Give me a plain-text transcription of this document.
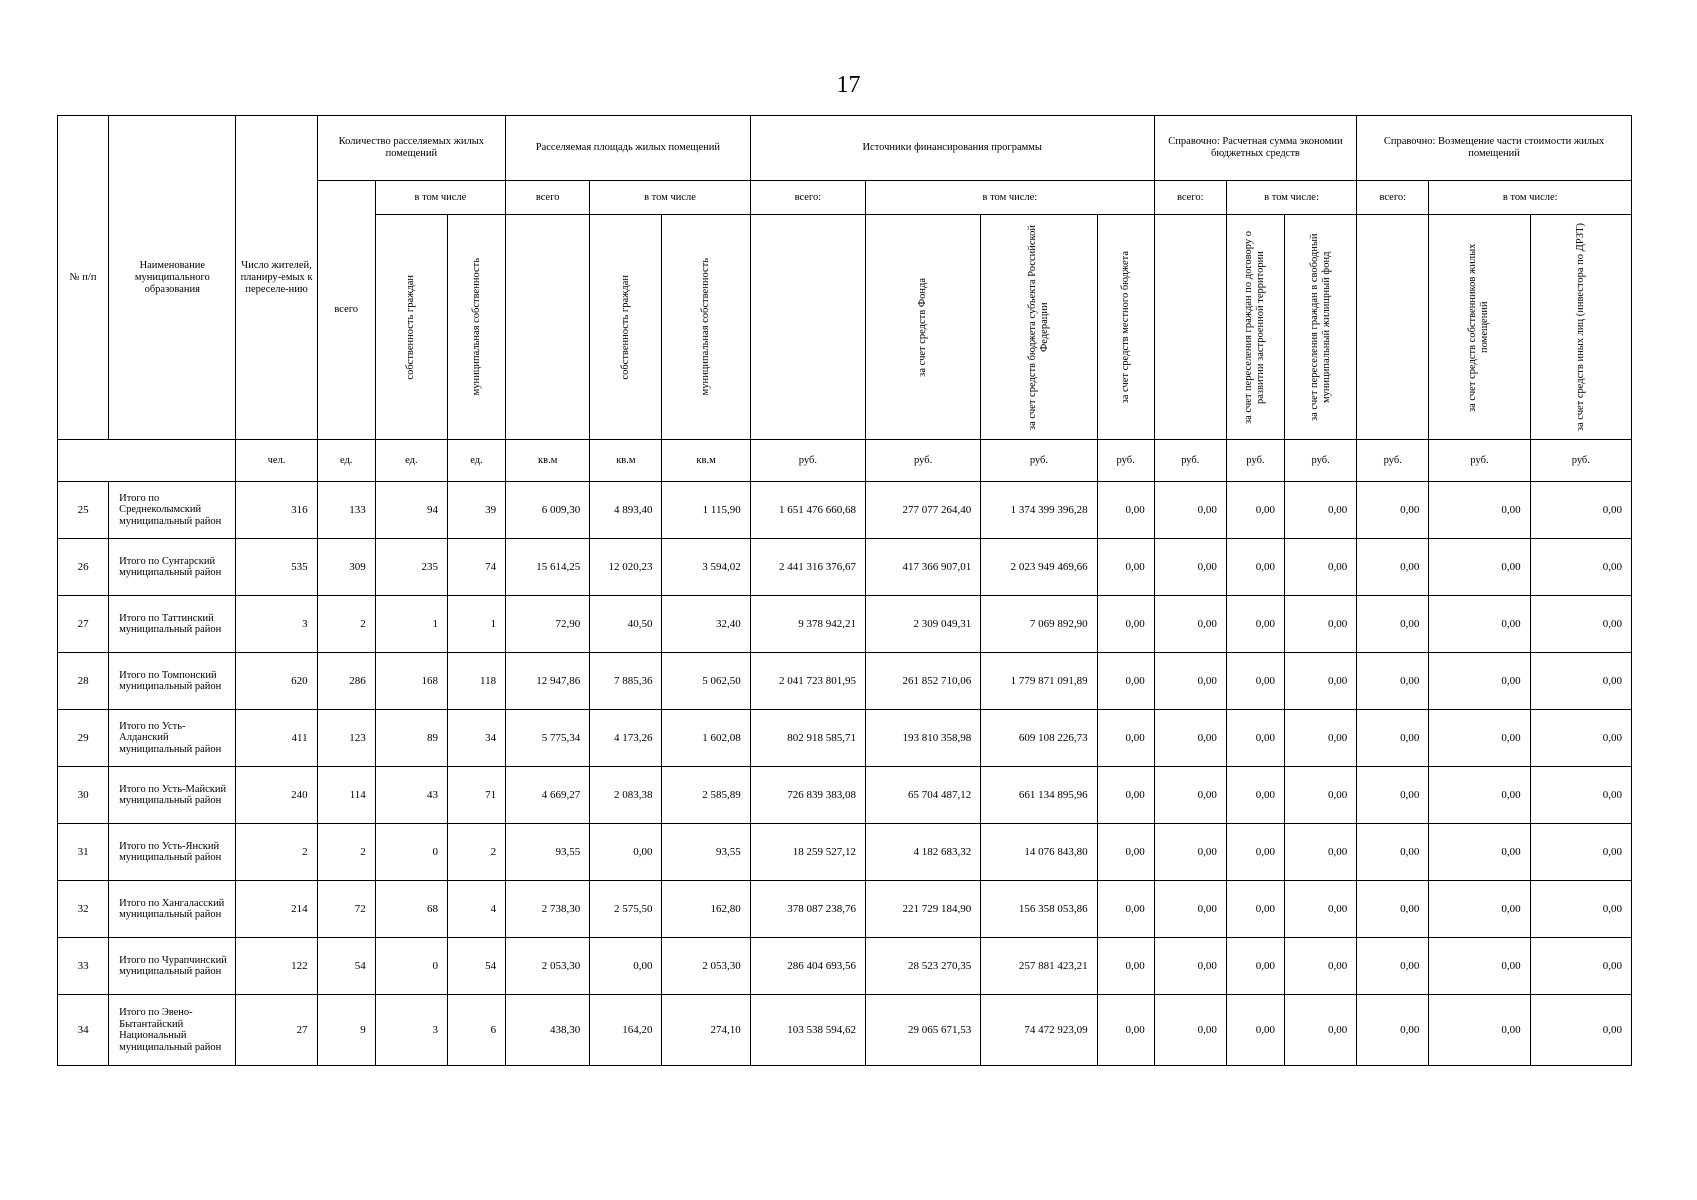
17
№ п/п	Наименование муниципального образования	Число жителей, планиру-емых к переселе-нию	Количество расселяемых жилых помещений			Расселяемая площадь жилых помещений			Источники финансирования программы				Справочно: Расчетная сумма экономии бюджетных средств			Справочно: Возмещение части стоимости жилых помещений		
			всего	в том числе		всего	в том числе		всего:	в том числе:			всего:	в том числе:		всего:	в том числе:	

				собственность граждан	муниципальная собственность		собственность граждан	муниципальная собственность		за счет средств Фонда	за счет средств бюджета субъекта Российской Федерации	за счет средств местного бюджета		за счет переселения граждан по договору о развитии застроенной территории	за счет переселения граждан в свободный муниципальный жилищный фонд		за счет средств собственников жилых помещений	за счет средств иных лиц (инвестора по ДРЗТ)

		чел.	ед.	ед.	ед.	кв.м	кв.м	кв.м	руб.	руб.	руб.	руб.	руб.	руб.	руб.	руб.	руб.	руб.
25	Итого по Среднеколымский муниципальный район	316	133	94	39	6 009,30	4 893,40	1 115,90	1 651 476 660,68	277 077 264,40	1 374 399 396,28	0,00	0,00	0,00	0,00	0,00	0,00	0,00
26	Итого по Сунтарский муниципальный район	535	309	235	74	15 614,25	12 020,23	3 594,02	2 441 316 376,67	417 366 907,01	2 023 949 469,66	0,00	0,00	0,00	0,00	0,00	0,00	0,00
27	Итого по Таттинский муниципальный район	3	2	1	1	72,90	40,50	32,40	9 378 942,21	2 309 049,31	7 069 892,90	0,00	0,00	0,00	0,00	0,00	0,00	0,00
28	Итого по Томпонский муниципальный район	620	286	168	118	12 947,86	7 885,36	5 062,50	2 041 723 801,95	261 852 710,06	1 779 871 091,89	0,00	0,00	0,00	0,00	0,00	0,00	0,00
29	Итого по Усть-Алданский муниципальный район	411	123	89	34	5 775,34	4 173,26	1 602,08	802 918 585,71	193 810 358,98	609 108 226,73	0,00	0,00	0,00	0,00	0,00	0,00	0,00
30	Итого по Усть-Майский муниципальный район	240	114	43	71	4 669,27	2 083,38	2 585,89	726 839 383,08	65 704 487,12	661 134 895,96	0,00	0,00	0,00	0,00	0,00	0,00	0,00
31	Итого по Усть-Янский муниципальный район	2	2	0	2	93,55	0,00	93,55	18 259 527,12	4 182 683,32	14 076 843,80	0,00	0,00	0,00	0,00	0,00	0,00	0,00
32	Итого по Хангаласский муниципальный район	214	72	68	4	2 738,30	2 575,50	162,80	378 087 238,76	221 729 184,90	156 358 053,86	0,00	0,00	0,00	0,00	0,00	0,00	0,00
33	Итого по Чурапчинский муниципальный район	122	54	0	54	2 053,30	0,00	2 053,30	286 404 693,56	28 523 270,35	257 881 423,21	0,00	0,00	0,00	0,00	0,00	0,00	0,00
34	Итого по Эвено-Бытантайский Национальный муниципальный район	27	9	3	6	438,30	164,20	274,10	103 538 594,62	29 065 671,53	74 472 923,09	0,00	0,00	0,00	0,00	0,00	0,00	0,00
